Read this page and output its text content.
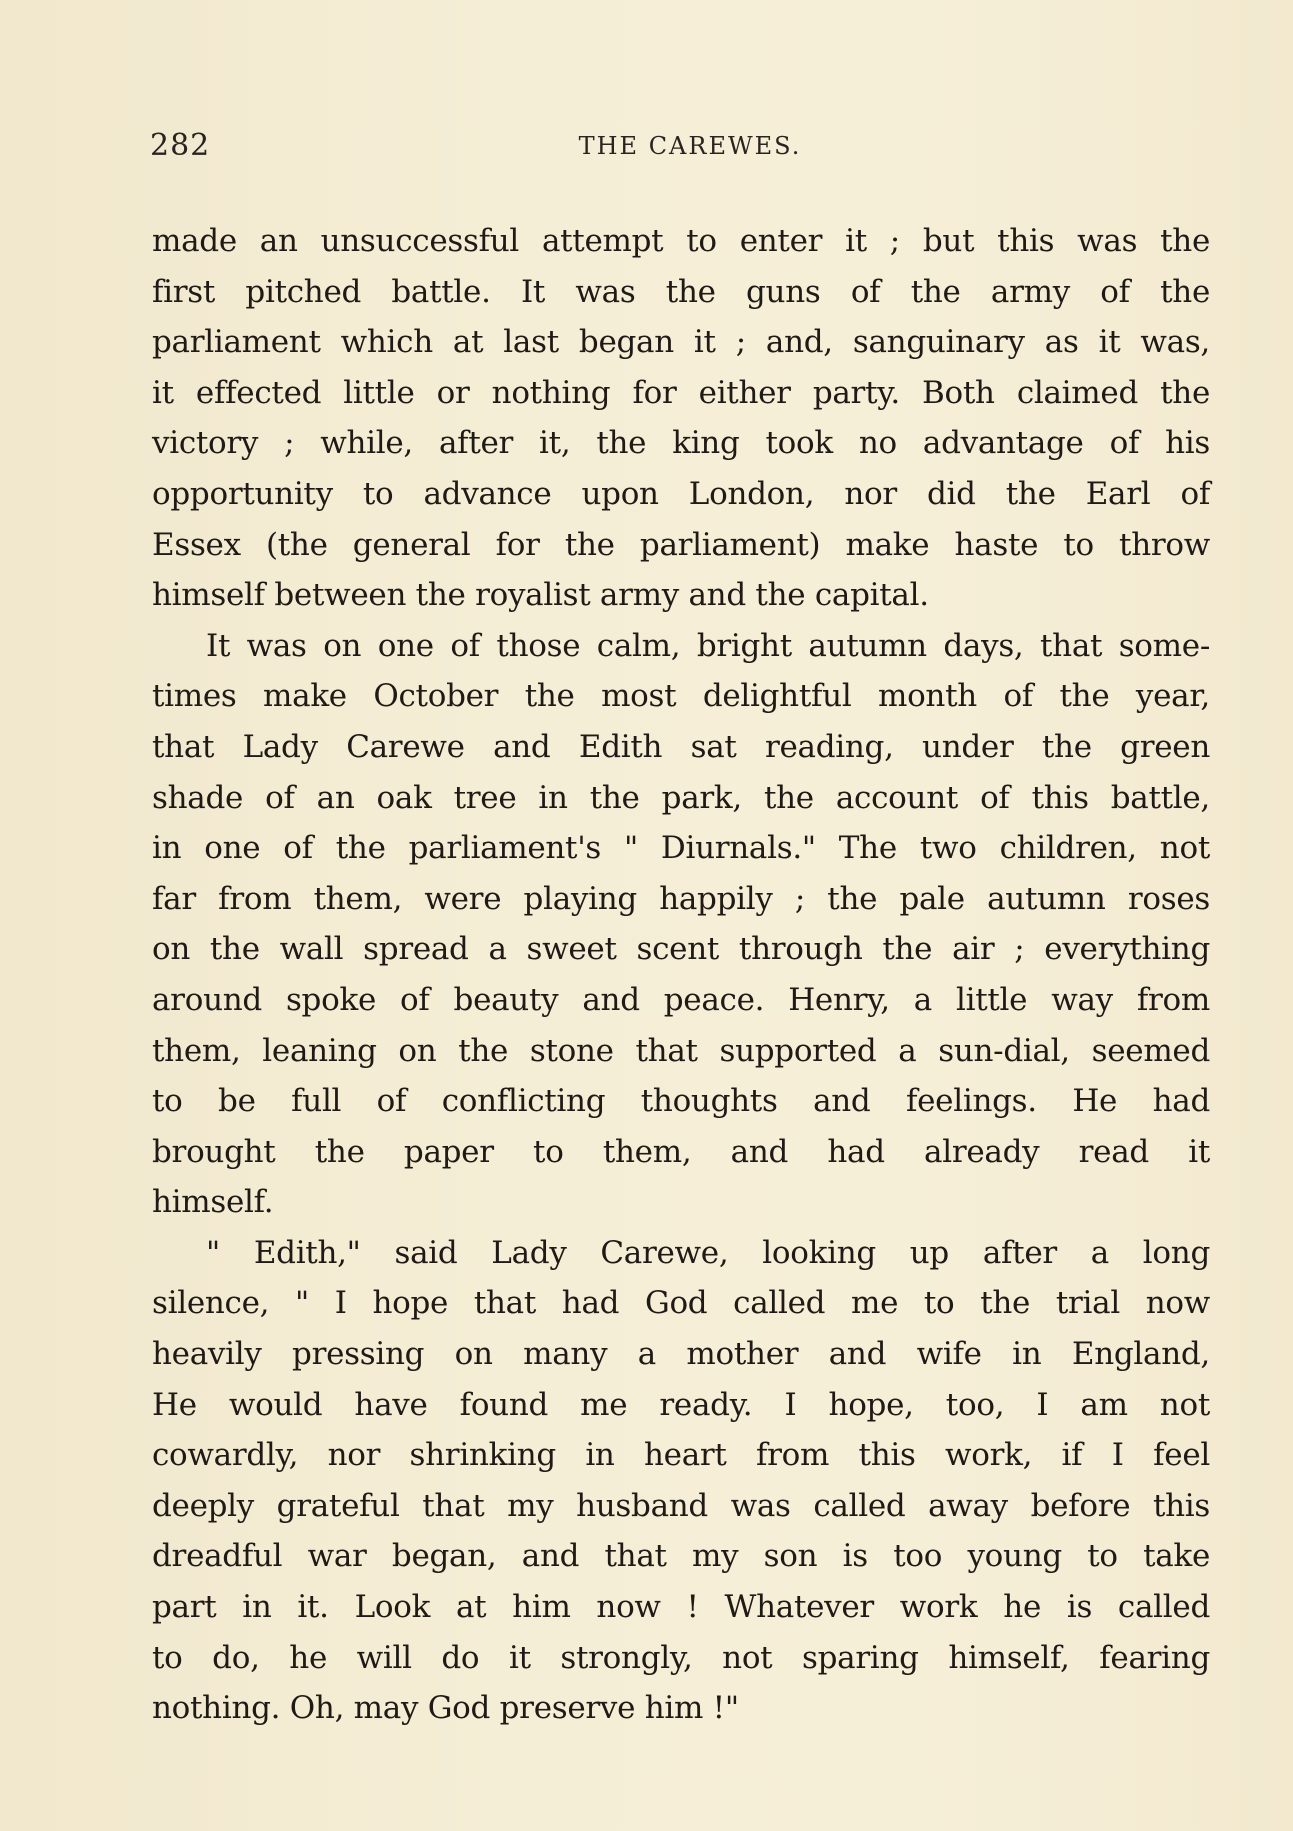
282	THE CAREWES.
made an unsuccessful attempt to enter it ; but this was the
first pitched battle. It was the guns of the army of the
parliament which at last began it ; and, sanguinary as it was,
it effected little or nothing for either party. Both claimed the
victory ; while, after it, the king took no advantage of his
opportunity to advance upon London, nor did the Earl of
Essex (the general for the parliament) make haste to throw
himself between the royalist army and the capital.
It was on one of those calm, bright autumn days, that some-
times make October the most delightful month of the year,
that Lady Carewe and Edith sat reading, under the green
shade of an oak tree in the park, the account of this battle,
in one of the parliament's " Diurnals." The two children, not
far from them, were playing happily ; the pale autumn roses
on the wall spread a sweet scent through the air ; everything
around spoke of beauty and peace. Henry, a little way from
them, leaning on the stone that supported a sun-dial, seemed
to be full of conflicting thoughts and feelings. He had
brought the paper to them, and had already read it
himself.
" Edith," said Lady Carewe, looking up after a long
silence, " I hope that had God called me to the trial now
heavily pressing on many a mother and wife in England,
He would have found me ready. I hope, too, I am not
cowardly, nor shrinking in heart from this work, if I feel
deeply grateful that my husband was called away before this
dreadful war began, and that my son is too young to take
part in it. Look at him now ! Whatever work he is called
to do, he will do it strongly, not sparing himself, fearing
nothing. Oh, may God preserve him !"
